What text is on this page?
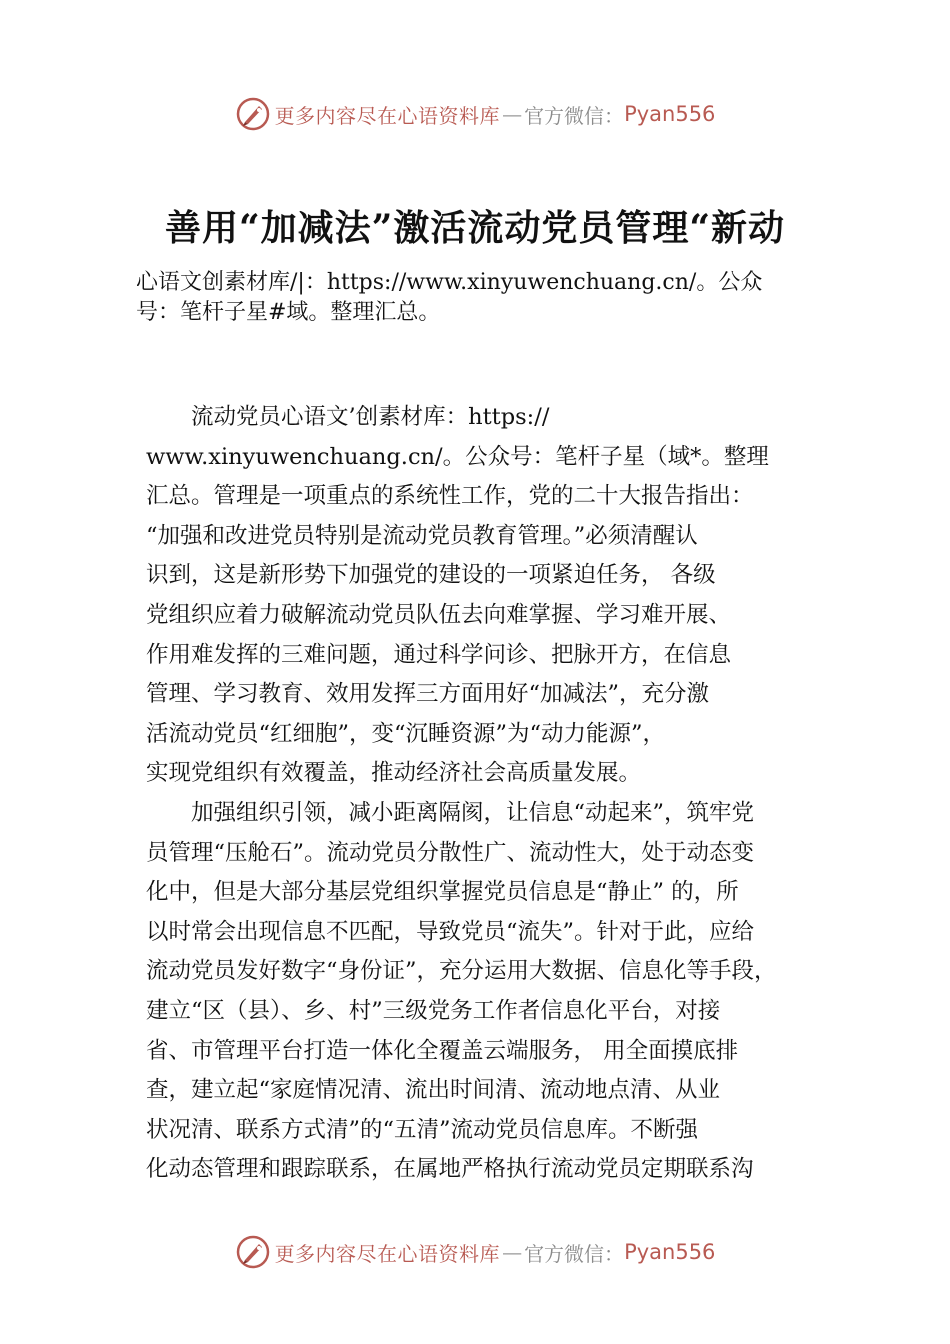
更多内容尽在心语资料库 — 官方微信： Pyan556
善用“加减法”激活流动党员管理“新动
心语文创素材库/|：https://www.xinyuwenchuang.cn/。公众
号：笔杆子星#域。整理汇总。
　　流动党员心语文’创素材库：https://
www.xinyuwenchuang.cn/。公众号：笔杆子星（域*。整理
汇总。管理是一项重点的系统性工作，党的二十大报告指出：
“加强和改进党员特别是流动党员教育管理。”必须清醒认
识到，这是新形势下加强党的建设的一项紧迫任务， 各级
党组织应着力破解流动党员队伍去向难掌握、学习难开展、
作用难发挥的三难问题，通过科学问诊、把脉开方，在信息
管理、学习教育、效用发挥三方面用好“加减法”，充分激
活流动党员“红细胞”，变“沉睡资源”为“动力能源”，
实现党组织有效覆盖，推动经济社会高质量发展。
　　加强组织引领，减小距离隔阂，让信息“动起来”，筑牢党
员管理“压舱石”。流动党员分散性广、流动性大，处于动态变
化中，但是大部分基层党组织掌握党员信息是“静止” 的，所
以时常会出现信息不匹配，导致党员“流失”。针对于此，应给
流动党员发好数字“身份证”，充分运用大数据、信息化等手段，
建立“区（县）、乡、村”三级党务工作者信息化平台，对接
省、市管理平台打造一体化全覆盖云端服务， 用全面摸底排
查，建立起“家庭情况清、流出时间清、流动地点清、从业
状况清、联系方式清”的“五清”流动党员信息库。不断强
化动态管理和跟踪联系，在属地严格执行流动党员定期联系沟
更多内容尽在心语资料库 — 官方微信： Pyan556
